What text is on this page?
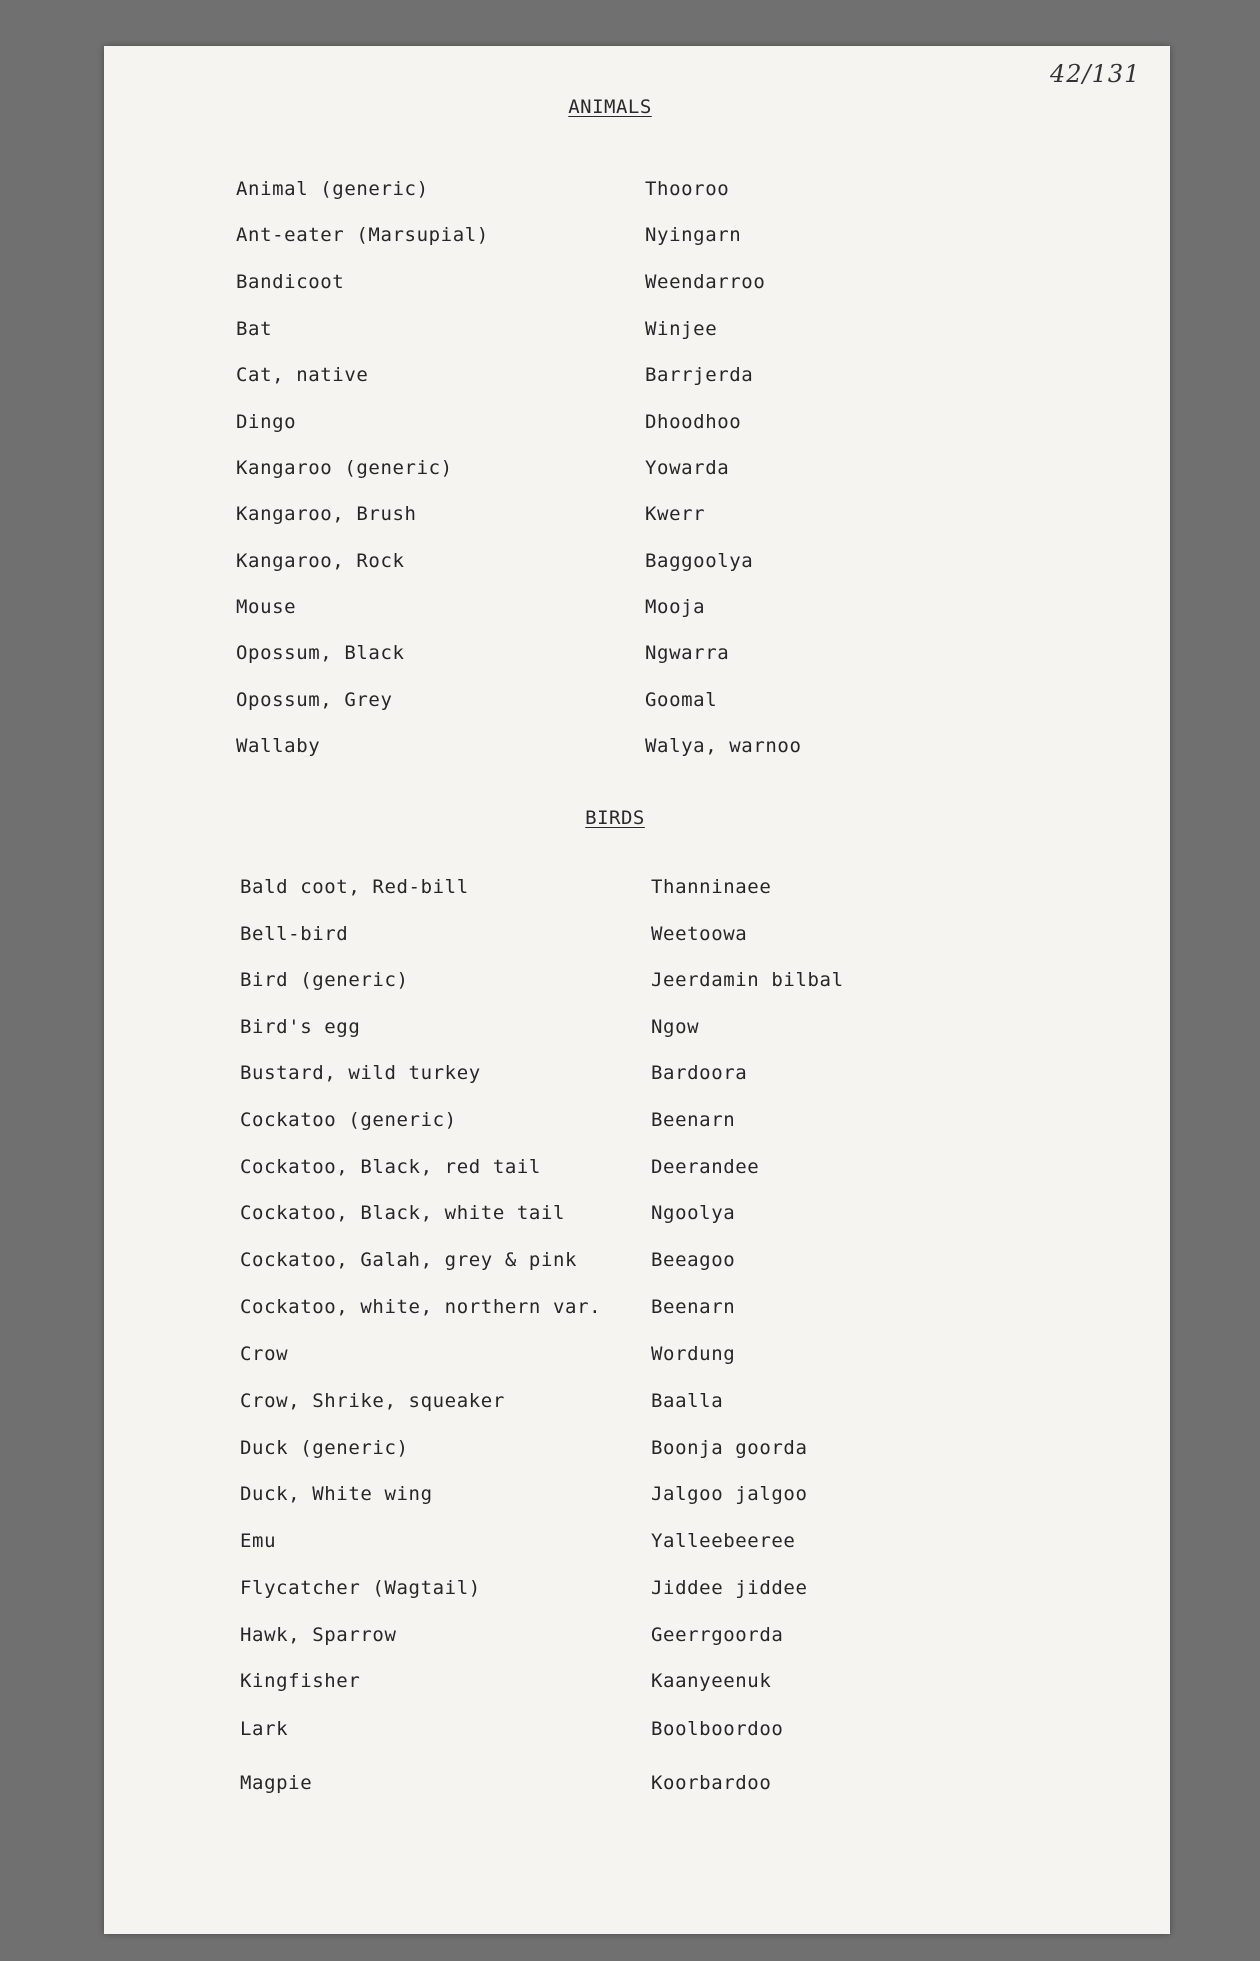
42/131
ANIMALS
Animal (generic)	Thooroo
Ant-eater (Marsupial)	Nyingarn
Bandicoot	Weendarroo
Bat	Winjee
Cat, native	Barrjerda
Dingo	Dhoodhoo
Kangaroo (generic)	Yowarda
Kangaroo, Brush	Kwerr
Kangaroo, Rock	Baggoolya
Mouse	Mooja
Opossum, Black	Ngwarra
Opossum, Grey	Goomal
Wallaby	Walya, warnoo
BIRDS
Bald coot, Red-bill	Thanninaee
Bell-bird	Weetoowa
Bird (generic)	Jeerdamin bilbal
Bird's egg	Ngow
Bustard, wild turkey	Bardoora
Cockatoo (generic)	Beenarn
Cockatoo, Black, red tail	Deerandee
Cockatoo, Black, white tail	Ngoolya
Cockatoo, Galah, grey & pink	Beeagoo
Cockatoo, white, northern var.	Beenarn
Crow	Wordung
Crow, Shrike, squeaker	Baalla
Duck (generic)	Boonja goorda
Duck, White wing	Jalgoo jalgoo
Emu	Yalleebeeree
Flycatcher (Wagtail)	Jiddee jiddee
Hawk, Sparrow	Geerrgoorda
Kingfisher	Kaanyeenuk
Lark	Boolboordoo
Magpie	Koorbardoo
